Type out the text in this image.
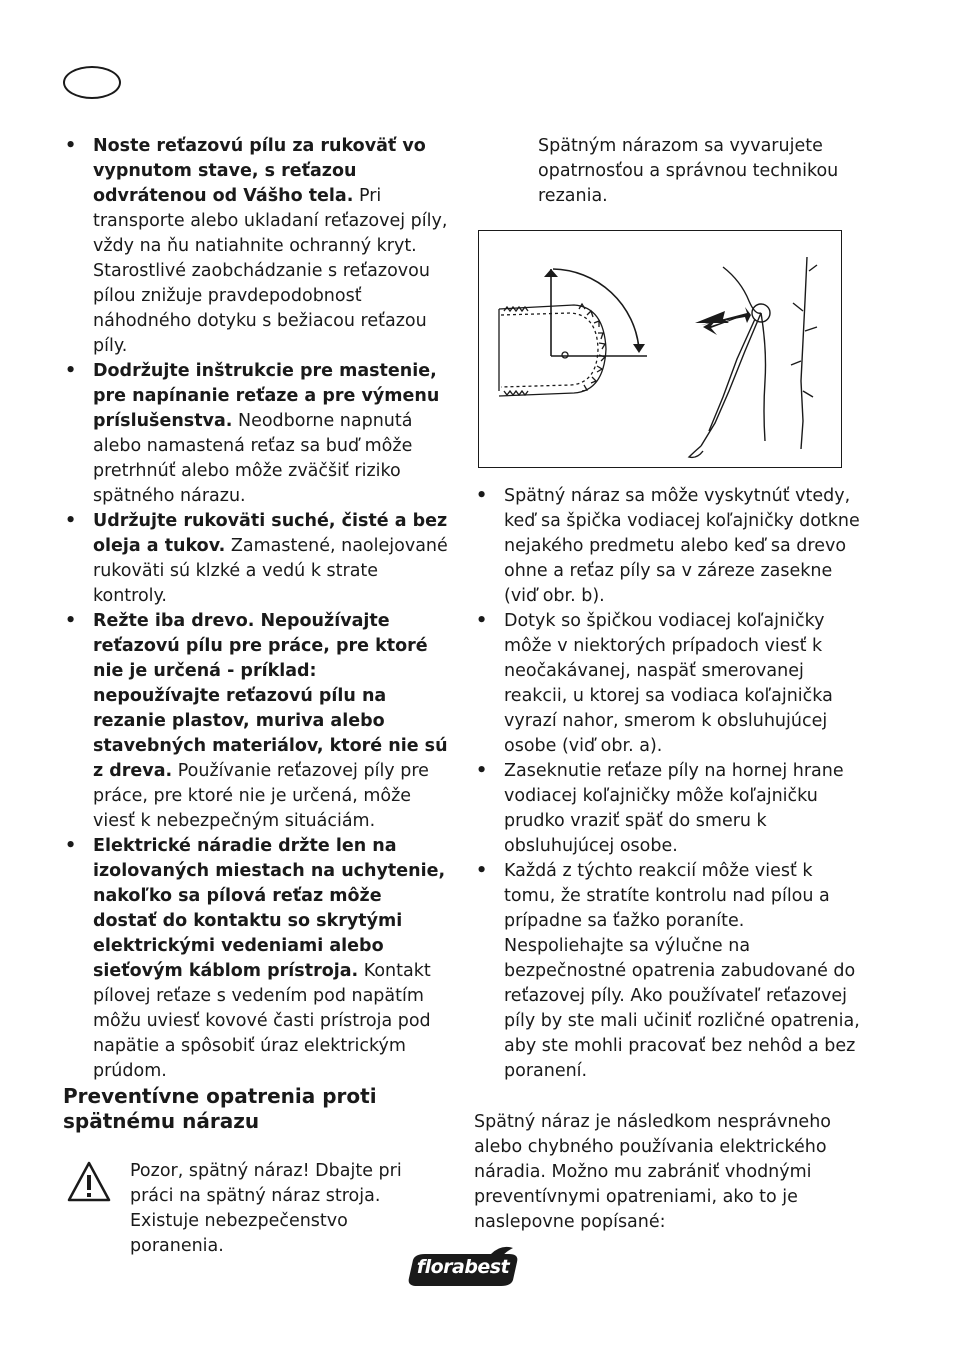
• Noste reťazovú pílu za rukoväť vo vypnutom stave, s reťazou odvrátenou od Vášho tela. Pri transporte alebo ukladaní reťazovej píly, vždy na ňu natiahnite ochranný kryt. Starostlivé zaobchádzanie s reťazovou pílou znižuje pravdepodobnosť náhodného dotyku s bežiacou reťazou píly.
• Dodržujte inštrukcie pre mastenie, pre napínanie reťaze a pre výmenu príslušenstva. Neodborne napnutá alebo namastená reťaz sa buď môže pretrhnúť alebo môže zväčšiť riziko spätného nárazu.
• Udržujte rukoväti suché, čisté a bez oleja a tukov. Zamastené, naolejované rukoväti sú klzké a vedú k strate kontroly.
• Režte iba drevo. Nepoužívajte reťazovú pílu pre práce, pre ktoré nie je určená - príklad: nepoužívajte reťazovú pílu na rezanie plastov, muriva alebo stavebných materiálov, ktoré nie sú z dreva. Používanie reťazovej píly pre práce, pre ktoré nie je určená, môže viesť k nebezpečným situáciám.
• Elektrické náradie držte len na izolovaných miestach na uchytenie, nakoľko sa pílová reťaz môže dostať do kontaktu so skrytými elektrickými vedeniami alebo sieťovým káblom prístroja. Kontakt pílovej reťaze s vedením pod napätím môžu uviesť kovové časti prístroja pod napätie a spôsobiť úraz elektrickým prúdom.
Preventívne opatrenia proti spätnému nárazu
Pozor, spätný náraz! Dbajte pri práci na spätný náraz stroja. Existuje nebezpečenstvo poranenia.
Spätným nárazom sa vyvarujete opatrnosťou a správnou technikou rezania.
• Spätný náraz sa môže vyskytnúť vtedy, keď sa špička vodiacej koľajničky dotkne nejakého predmetu alebo keď sa drevo ohne a reťaz píly sa v záreze zasekne (viď obr. b).
• Dotyk so špičkou vodiacej koľajničky môže v niektorých prípadoch viesť k neočakávanej, naspäť smerovanej reakcii, u ktorej sa vodiaca koľajnička vyrazí nahor, smerom k obsluhujúcej osobe (viď obr. a).
• Zaseknutie reťaze píly na hornej hrane vodiacej koľajničky môže koľajničku prudko vraziť späť do smeru k obsluhujúcej osobe.
• Každá z týchto reakcií môže viesť k tomu, že stratíte kontrolu nad pílou a prípadne sa ťažko poraníte. Nespoliehajte sa výlučne na bezpečnostné opatrenia zabudované do reťazovej píly. Ako používateľ reťazovej píly by ste mali učiniť rozličné opatrenia, aby ste mohli pracovať bez nehôd a bez poranení.
Spätný náraz je následkom nesprávneho alebo chybného používania elektrického náradia. Možno mu zabrániť vhodnými preventívnymi opatreniami, ako to je naslepovne popísané:
florabest
